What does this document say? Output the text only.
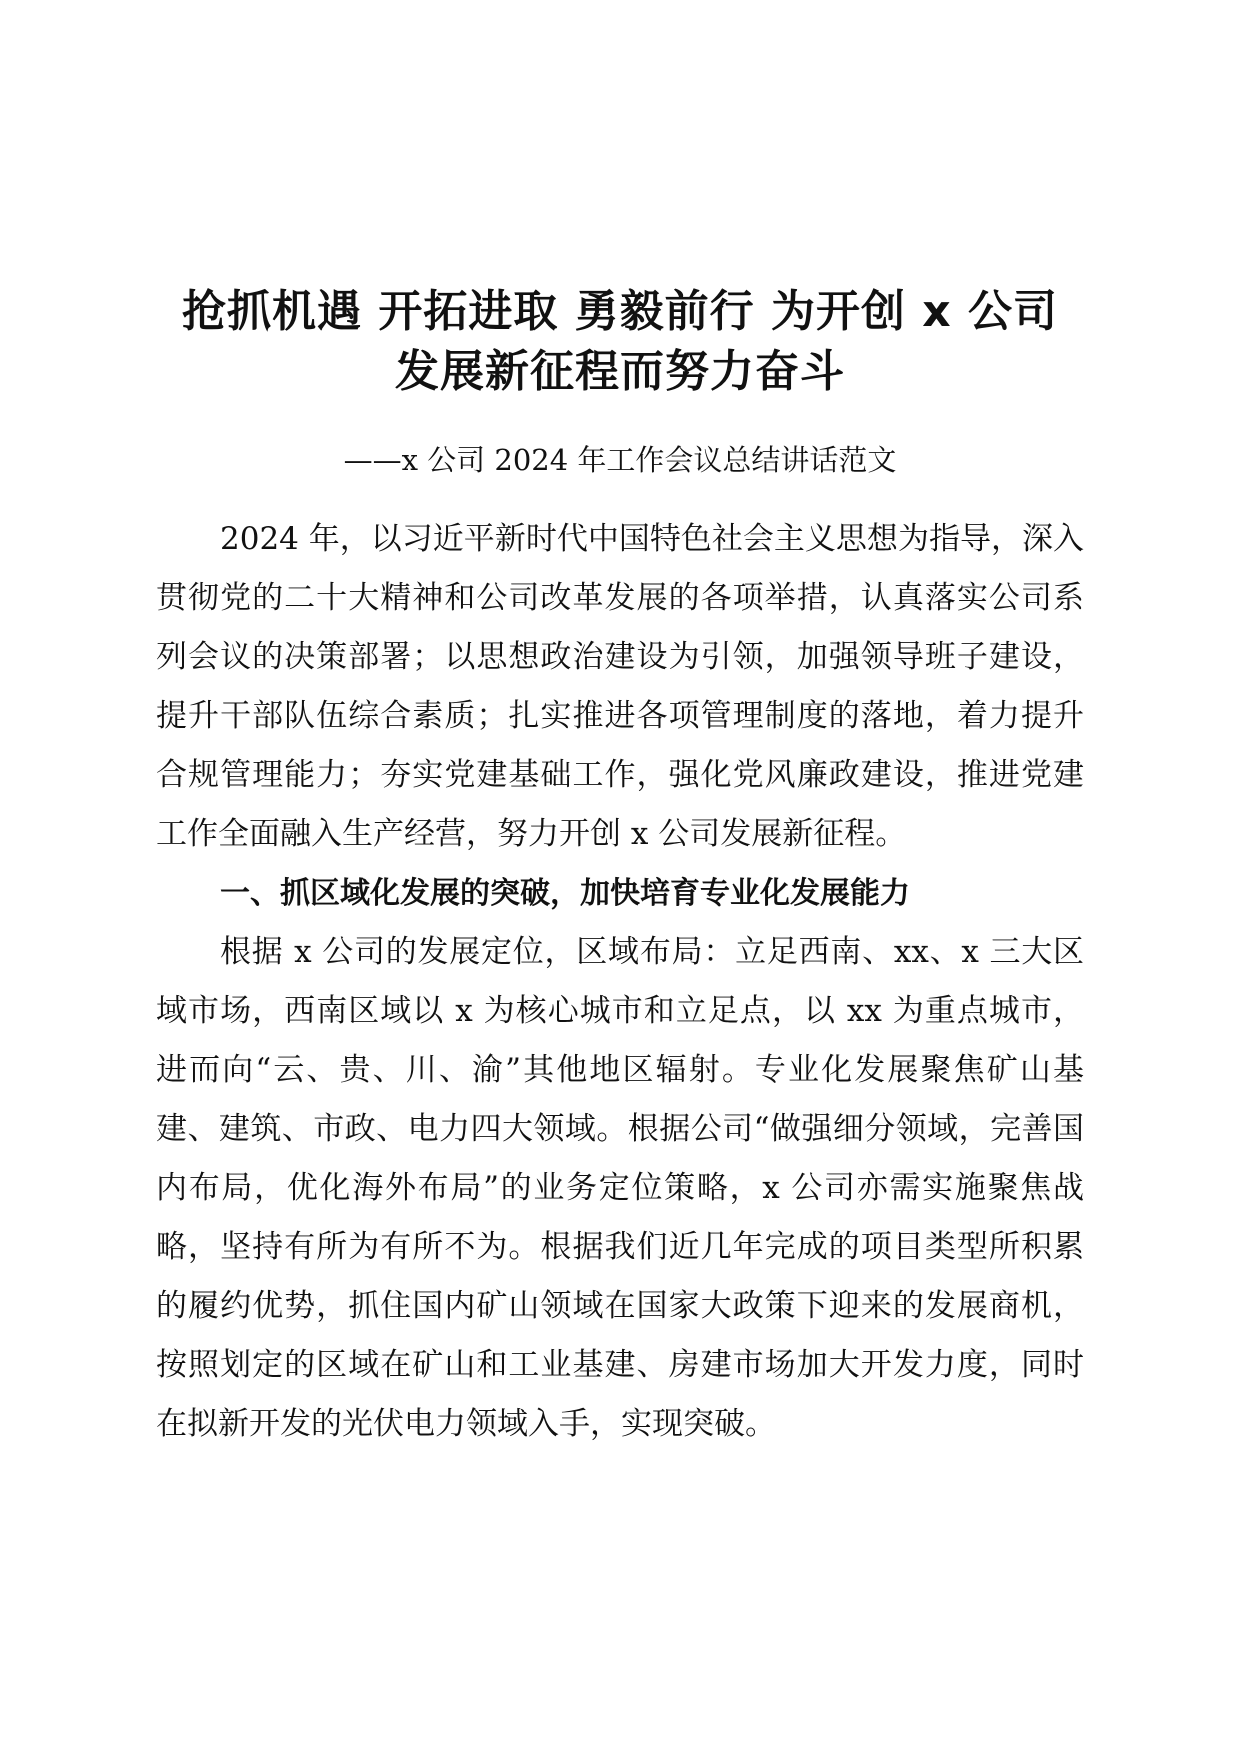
抢抓机遇 开拓进取 勇毅前行 为开创 x 公司
发展新征程而努力奋斗
——x 公司 2024 年工作会议总结讲话范文

2024 年，以习近平新时代中国特色社会主义思想为指导，深入贯彻党的二十大精神和公司改革发展的各项举措，认真落实公司系列会议的决策部署；以思想政治建设为引领，加强领导班子建设，提升干部队伍综合素质；扎实推进各项管理制度的落地，着力提升合规管理能力；夯实党建基础工作，强化党风廉政建设，推进党建工作全面融入生产经营，努力开创 x 公司发展新征程。

一、抓区域化发展的突破，加快培育专业化发展能力

根据 x 公司的发展定位，区域布局：立足西南、xx、x 三大区域市场，西南区域以 x 为核心城市和立足点，以 xx 为重点城市，进而向“云、贵、川、渝”其他地区辐射。专业化发展聚焦矿山基建、建筑、市政、电力四大领域。根据公司“做强细分领域，完善国内布局，优化海外布局”的业务定位策略，x 公司亦需实施聚焦战略，坚持有所为有所不为。根据我们近几年完成的项目类型所积累的履约优势，抓住国内矿山领域在国家大政策下迎来的发展商机，按照划定的区域在矿山和工业基建、房建市场加大开发力度，同时在拟新开发的光伏电力领域入手，实现突破。
